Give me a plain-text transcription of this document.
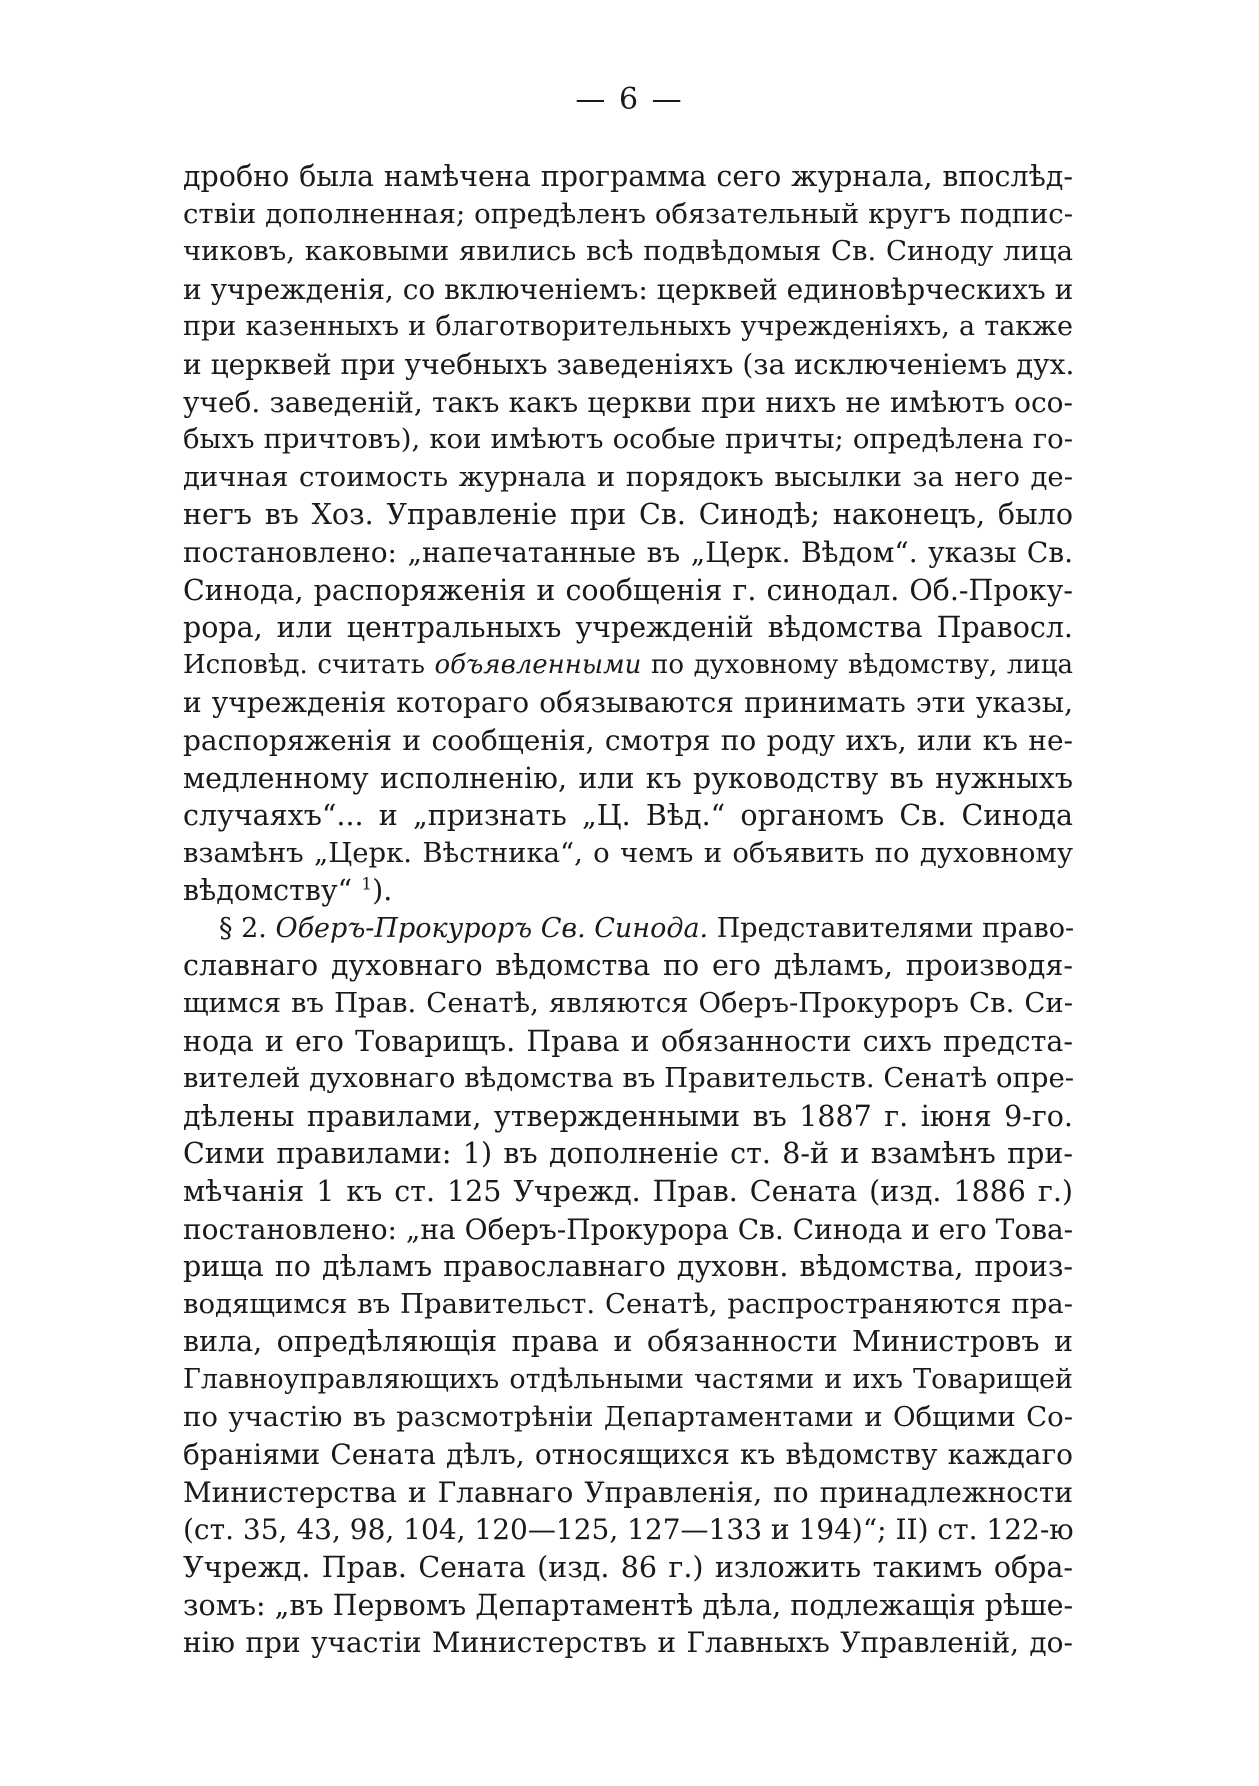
— 6 —
дробно была намѣчена программа сего журнала, впослѣд-
ствіи дополненная; опредѣленъ обязательный кругъ подпис-
чиковъ, каковыми явились всѣ подвѣдомыя Св. Синоду лица
и учрежденія, со включеніемъ: церквей единовѣрческихъ и
при казенныхъ и благотворительныхъ учрежденіяхъ, а также
и церквей при учебныхъ заведеніяхъ (за исключеніемъ дух.
учеб. заведеній, такъ какъ церкви при нихъ не имѣютъ осо-
быхъ причтовъ), кои имѣютъ особые причты; опредѣлена го-
дичная стоимость журнала и порядокъ высылки за него де-
негъ въ Хоз. Управленіе при Св. Синодѣ; наконецъ, было
постановлено: „напечатанные въ „Церк. Вѣдом“. указы Св.
Синода, распоряженія и сообщенія г. синодал. Об.-Проку-
рора, или центральныхъ учрежденій вѣдомства Правосл.
Исповѣд. считать объявленными по духовному вѣдомству, лица
и учрежденія котораго обязываются принимать эти указы,
распоряженія и сообщенія, смотря по роду ихъ, или къ не-
медленному исполненію, или къ руководству въ нужныхъ
случаяхъ“... и „признать „Ц. Вѣд.“ органомъ Св. Синода
взамѣнъ „Церк. Вѣстника“, о чемъ и объявить по духовному
вѣдомству“ $^1$).
§ 2. Оберъ-Прокуроръ Св. Синода. Представителями право-
славнаго духовнаго вѣдомства по его дѣламъ, производя-
щимся въ Прав. Сенатѣ, являются Оберъ-Прокуроръ Св. Си-
нода и его Товарищъ. Права и обязанности сихъ предста-
вителей духовнаго вѣдомства въ Правительств. Сенатѣ опре-
дѣлены правилами, утвержденными въ 1887 г. іюня 9-го.
Сими правилами: 1) въ дополненіе ст. 8-й и взамѣнъ при-
мѣчанія 1 къ ст. 125 Учрежд. Прав. Сената (изд. 1886 г.)
постановлено: „на Оберъ-Прокурора Св. Синода и его Това-
рища по дѣламъ православнаго духовн. вѣдомства, произ-
водящимся въ Правительст. Сенатѣ, распространяются пра-
вила, опредѣляющія права и обязанности Министровъ и
Главноуправляющихъ отдѣльными частями и ихъ Товарищей
по участію въ разсмотрѣніи Департаментами и Общими Со-
браніями Сената дѣлъ, относящихся къ вѣдомству каждаго
Министерства и Главнаго Управленія, по принадлежности
(ст. 35, 43, 98, 104, 120—125, 127—133 и 194)“; II) ст. 122-ю
Учрежд. Прав. Сената (изд. 86 г.) изложить такимъ обра-
зомъ: „въ Первомъ Департаментѣ дѣла, подлежащія рѣше-
нію при участіи Министерствъ и Главныхъ Управленій, до-
